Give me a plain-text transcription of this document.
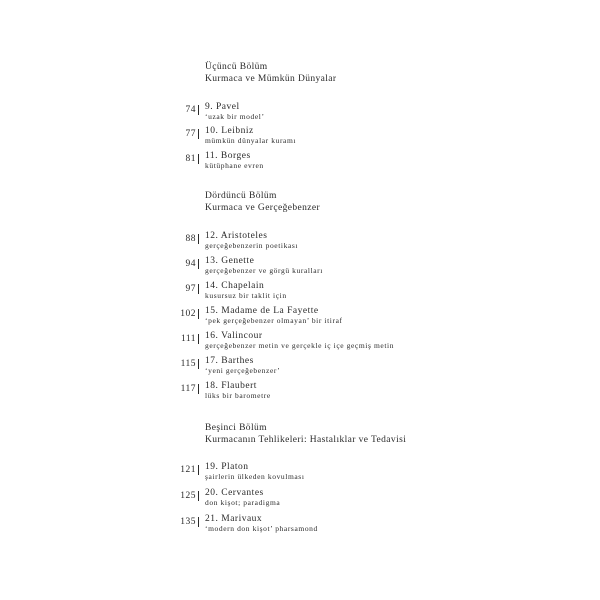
Üçüncü Bölüm
Kurmaca ve Mümkün Dünyalar
74 9. Pavel
‘uzak bir model’
77 10. Leibniz
mümkün dünyalar kuramı
81 11. Borges
kütüphane evren
Dördüncü Bölüm
Kurmaca ve Gerçeğebenzer
88 12. Aristoteles
gerçeğebenzerin poetikası
94 13. Genette
gerçeğebenzer ve görgü kuralları
97 14. Chapelain
kusursuz bir taklit için
102 15. Madame de La Fayette
‘pek gerçeğebenzer olmayan’ bir itiraf
111 16. Valincour
gerçeğebenzer metin ve gerçekle iç içe geçmiş metin
115 17. Barthes
‘yeni gerçeğebenzer’
117 18. Flaubert
lüks bir barometre
Beşinci Bölüm
Kurmacanın Tehlikeleri: Hastalıklar ve Tedavisi
121 19. Platon
şairlerin ülkeden kovulması
125 20. Cervantes
don kişot; paradigma
135 21. Marivaux
‘modern don kişot’ pharsamond
